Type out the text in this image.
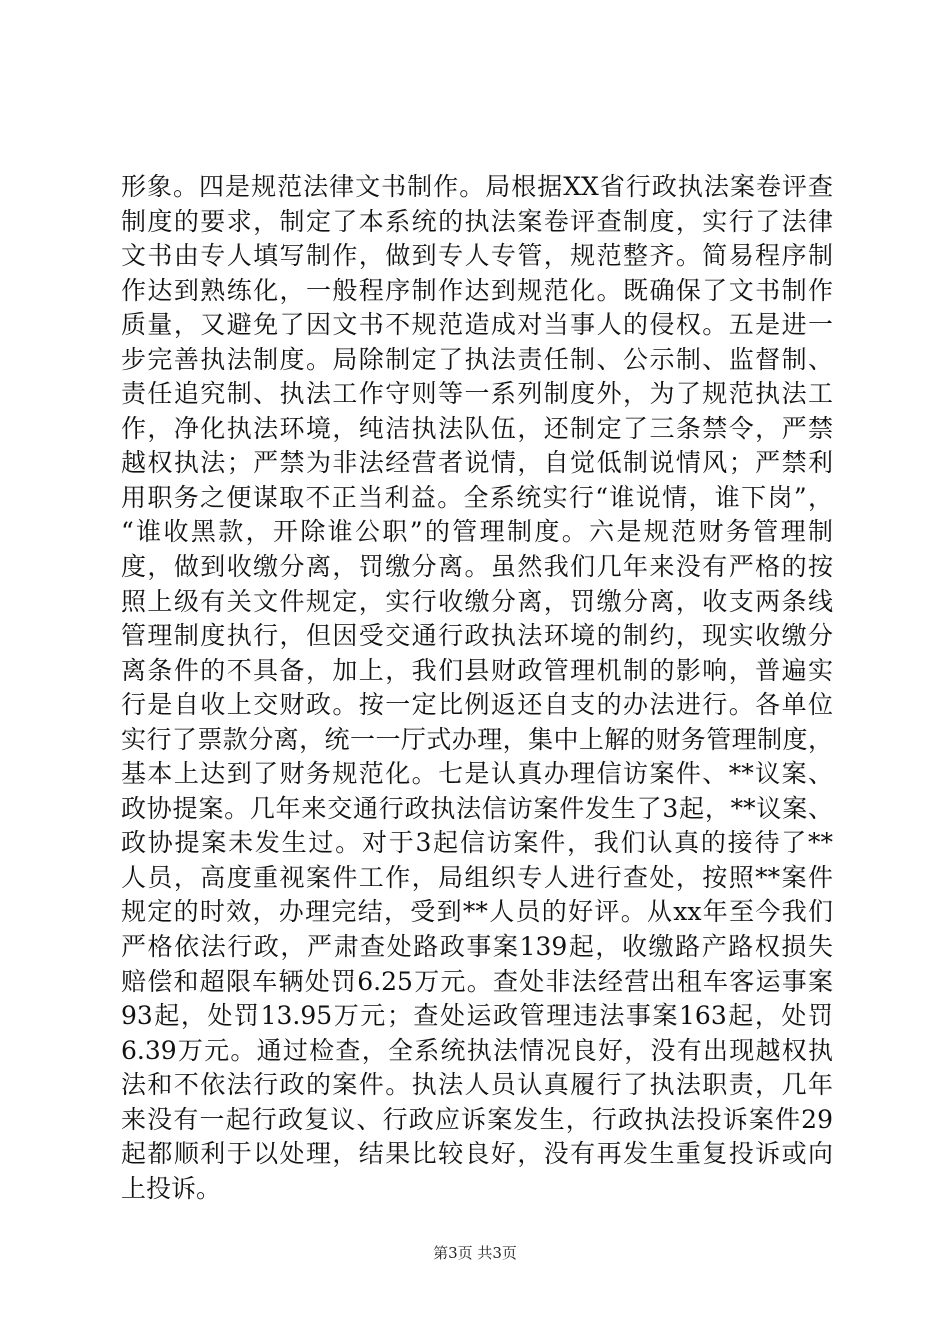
形象。四是规范法律文书制作。局根据XX省行政执法案卷评查
制度的要求，制定了本系统的执法案卷评查制度，实行了法律
文书由专人填写制作，做到专人专管，规范整齐。简易程序制
作达到熟练化，一般程序制作达到规范化。既确保了文书制作
质量，又避免了因文书不规范造成对当事人的侵权。五是进一
步完善执法制度。局除制定了执法责任制、公示制、监督制、
责任追究制、执法工作守则等一系列制度外，为了规范执法工
作，净化执法环境，纯洁执法队伍，还制定了三条禁令，严禁
越权执法；严禁为非法经营者说情，自觉低制说情风；严禁利
用职务之便谋取不正当利益。全系统实行“谁说情，谁下岗”，
“谁收黑款，开除谁公职”的管理制度。六是规范财务管理制
度，做到收缴分离，罚缴分离。虽然我们几年来没有严格的按
照上级有关文件规定，实行收缴分离，罚缴分离，收支两条线
管理制度执行，但因受交通行政执法环境的制约，现实收缴分
离条件的不具备，加上，我们县财政管理机制的影响，普遍实
行是自收上交财政。按一定比例返还自支的办法进行。各单位
实行了票款分离，统一一厅式办理，集中上解的财务管理制度，
基本上达到了财务规范化。七是认真办理信访案件、**议案、
政协提案。几年来交通行政执法信访案件发生了3起，**议案、
政协提案未发生过。对于3起信访案件，我们认真的接待了**
人员，高度重视案件工作，局组织专人进行查处，按照**案件
规定的时效，办理完结，受到**人员的好评。从xx年至今我们
严格依法行政，严肃查处路政事案139起，收缴路产路权损失
赔偿和超限车辆处罚6.25万元。查处非法经营出租车客运事案
93起，处罚13.95万元；查处运政管理违法事案163起，处罚
6.39万元。通过检查，全系统执法情况良好，没有出现越权执
法和不依法行政的案件。执法人员认真履行了执法职责，几年
来没有一起行政复议、行政应诉案发生，行政执法投诉案件29
起都顺利于以处理，结果比较良好，没有再发生重复投诉或向
上投诉。
第3页 共3页
